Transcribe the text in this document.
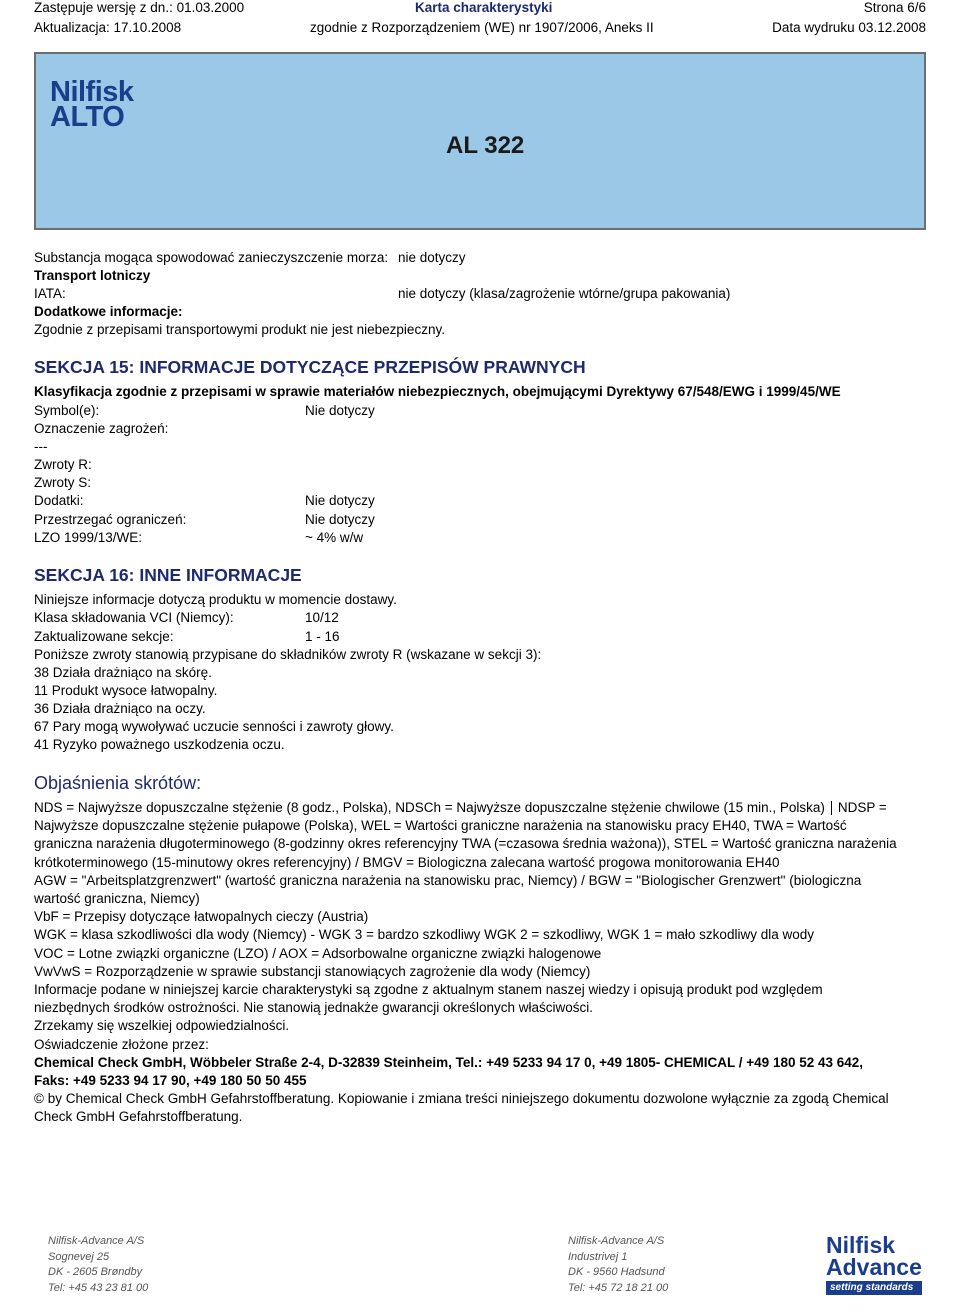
Zastępuje wersję z dn.: 01.03.2000	Karta charakterystyki	Strona 6/6
Aktualizacja: 17.10.2008	zgodnie z Rozporządzeniem (WE) nr 1907/2006, Aneks II	Data wydruku 03.12.2008
Nilfisk
ALTO
AL 322
Substancja mogąca spowodować zanieczyszczenie morza: nie dotyczy
Transport lotniczy
IATA:	nie dotyczy (klasa/zagrożenie wtórne/grupa pakowania)
Dodatkowe informacje:
Zgodnie z przepisami transportowymi produkt nie jest niebezpieczny.
SEKCJA 15: INFORMACJE DOTYCZĄCE PRZEPISÓW PRAWNYCH
Klasyfikacja zgodnie z przepisami w sprawie materiałów niebezpiecznych, obejmującymi Dyrektywy 67/548/EWG i 1999/45/WE
Symbol(e):	Nie dotyczy
Oznaczenie zagrożeń:
---
Zwroty R:
Zwroty S:
Dodatki:	Nie dotyczy
Przestrzegać ograniczeń:	Nie dotyczy
LZO 1999/13/WE:	~ 4% w/w
SEKCJA 16: INNE INFORMACJE
Niniejsze informacje dotyczą produktu w momencie dostawy.
Klasa składowania VCI (Niemcy):	10/12
Zaktualizowane sekcje:	1 - 16
Poniższe zwroty stanowią przypisane do składników zwroty R (wskazane w sekcji 3):
38 Działa drażniąco na skórę.
11 Produkt wysoce łatwopalny.
36 Działa drażniąco na oczy.
67 Pary mogą wywoływać uczucie senności i zawroty głowy.
41 Ryzyko poważnego uszkodzenia oczu.
Objaśnienia skrótów:
NDS = Najwyższe dopuszczalne stężenie (8 godz., Polska), NDSCh = Najwyższe dopuszczalne stężenie chwilowe (15 min., Polska) NDSP = Najwyższe dopuszczalne stężenie pułapowe (Polska), WEL = Wartości graniczne narażenia na stanowisku pracy EH40, TWA = Wartość graniczna narażenia długoterminowego (8-godzinny okres referencyjny TWA (=czasowa średnia ważona)), STEL = Wartość graniczna narażenia krótkoterminowego (15-minutowy okres referencyjny) / BMGV = Biologiczna zalecana wartość progowa monitorowania EH40
AGW = "Arbeitsplatzgrenzwert" (wartość graniczna narażenia na stanowisku prac, Niemcy) / BGW = "Biologischer Grenzwert" (biologiczna wartość graniczna, Niemcy)
VbF = Przepisy dotyczące łatwopalnych cieczy (Austria)
WGK = klasa szkodliwości dla wody (Niemcy) - WGK 3 = bardzo szkodliwy WGK 2 = szkodliwy, WGK 1 = mało szkodliwy dla wody
VOC = Lotne związki organiczne (LZO) / AOX = Adsorbowalne organiczne związki halogenowe
VwVwS = Rozporządzenie w sprawie substancji stanowiących zagrożenie dla wody (Niemcy)
Informacje podane w niniejszej karcie charakterystyki są zgodne z aktualnym stanem naszej wiedzy i opisują produkt pod względem niezbędnych środków ostrożności. Nie stanowią jednakże gwarancji określonych właściwości.
Zrzekamy się wszelkiej odpowiedzialności.
Oświadczenie złożone przez:
Chemical Check GmbH, Wöbbeler Straße 2-4, D-32839 Steinheim, Tel.: +49 5233 94 17 0, +49 1805- CHEMICAL / +49 180 52 43 642, Faks: +49 5233 94 17 90, +49 180 50 50 455
© by Chemical Check GmbH Gefahrstoffberatung. Kopiowanie i zmiana treści niniejszego dokumentu dozwolone wyłącznie za zgodą Chemical Check GmbH Gefahrstoffberatung.
Nilfisk-Advance A/S
Sognevej 25
DK - 2605 Brøndby
Tel: +45 43 23 81 00
Nilfisk-Advance A/S
Industrivej 1
DK - 9560 Hadsund
Tel: +45 72 18 21 00
Nilfisk
Advance
setting standards
